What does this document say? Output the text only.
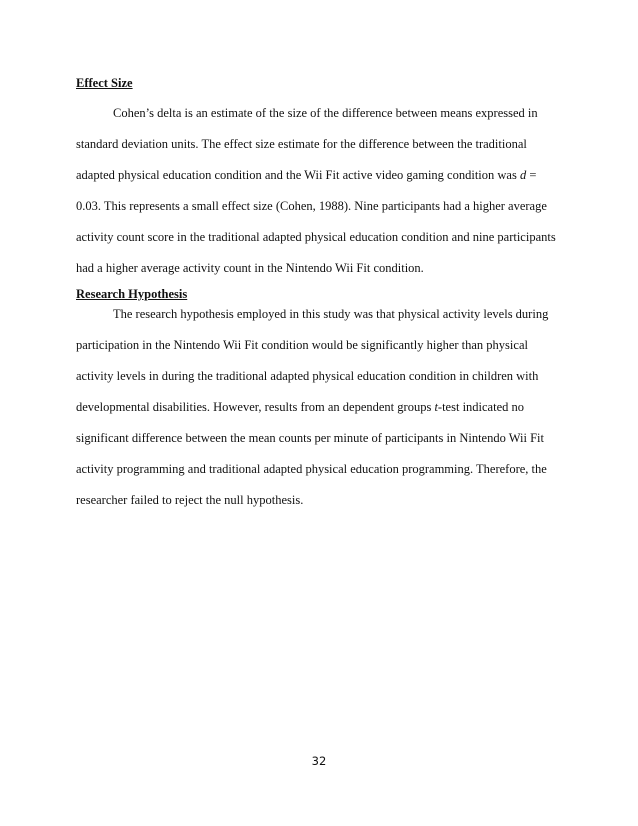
Effect Size
Cohen’s delta is an estimate of the size of the difference between means expressed in
standard deviation units. The effect size estimate for the difference between the traditional
adapted physical education condition and the Wii Fit active video gaming condition was d =
0.03. This represents a small effect size (Cohen, 1988). Nine participants had a higher average
activity count score in the traditional adapted physical education condition and nine participants
had a higher average activity count in the Nintendo Wii Fit condition.
Research Hypothesis
The research hypothesis employed in this study was that physical activity levels during
participation in the Nintendo Wii Fit condition would be significantly higher than physical
activity levels in during the traditional adapted physical education condition in children with
developmental disabilities. However, results from an dependent groups t-test indicated no
significant difference between the mean counts per minute of participants in Nintendo Wii Fit
activity programming and traditional adapted physical education programming. Therefore, the
researcher failed to reject the null hypothesis.
32
